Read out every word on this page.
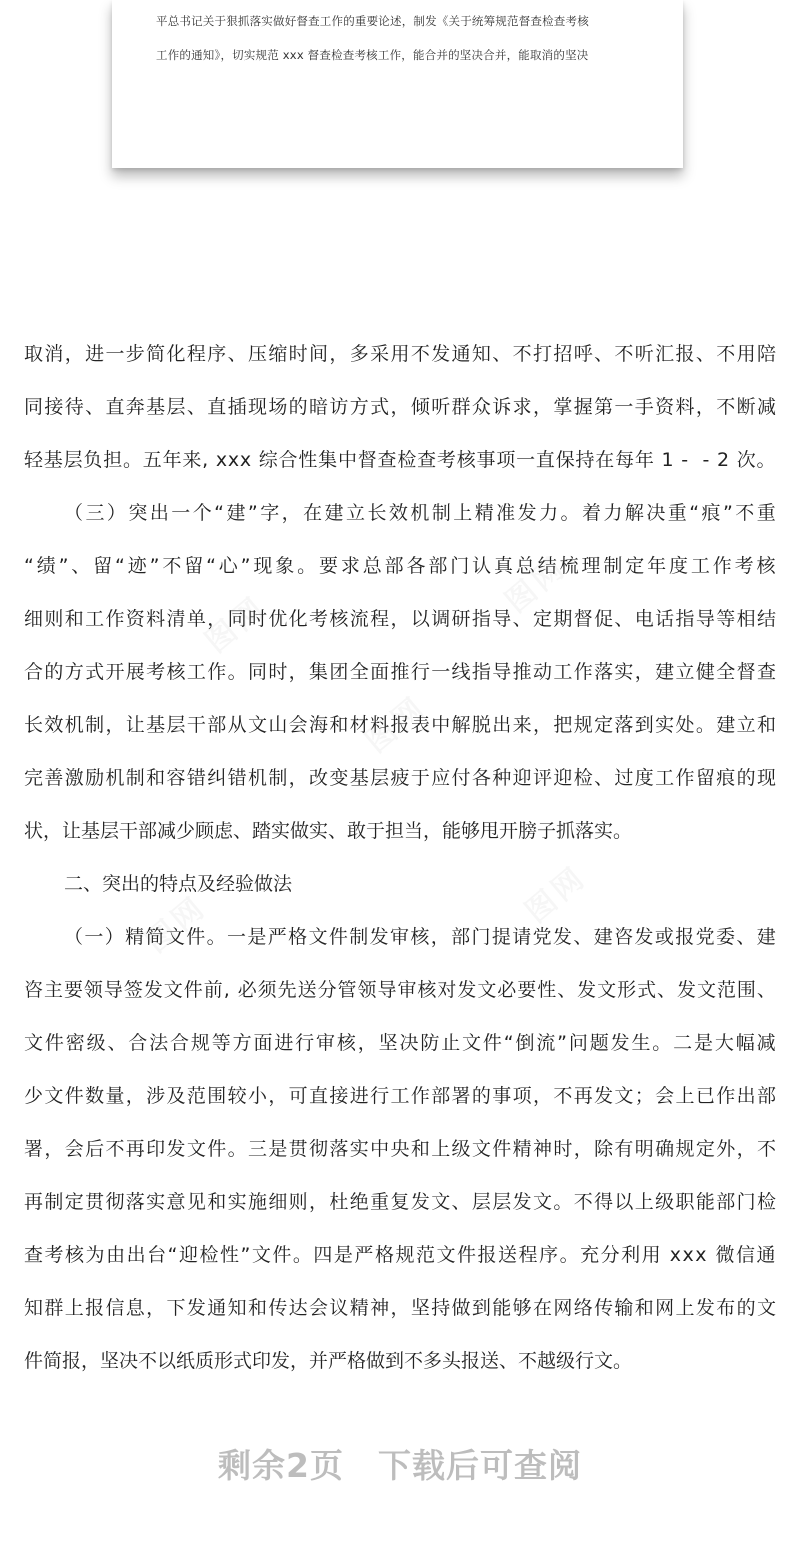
平总书记关于狠抓落实做好督查工作的重要论述，制发《关于统筹规范督查检查考核
工作的通知》，切实规范 xxx 督查检查考核工作，能合并的坚决合并，能取消的坚决
取 消 ， 进 一 步 简 化 程 序 、 压 缩 时 间 ， 多 采 用 不 发 通 知 、 不 打 招 呼 、 不 听 汇 报 、 不 用 陪
同 接 待 、 直 奔 基 层 、 直 插 现 场 的 暗 访 方 式 ， 倾 听 群 众 诉 求 ， 掌 握 第 一 手 资 料 ， 不 断 减
轻 基 层 负 担 。 五 年 来 ,
x x x
综 合 性 集 中 督 查 检 查 考 核 事 项 一 直 保 持 在 每 年
1
-

-
2
次 。
（ 三 ） 突 出 一 个 “ 建 ” 字 ， 在 建 立 长 效 机 制 上 精 准 发 力 。 着 力 解 决 重 “ 痕 ” 不 重
“ 绩 ” 、 留 “ 迹 ” 不 留 “ 心 ” 现 象 。 要 求 总 部 各 部 门 认 真 总 结 梳 理 制 定 年 度 工 作 考 核
细 则 和 工 作 资 料 清 单 ， 同 时 优 化 考 核 流 程 ， 以 调 研 指 导 、 定 期 督 促 、 电 话 指 导 等 相 结
合 的 方 式 开 展 考 核 工 作 。 同 时 ， 集 团 全 面 推 行 一 线 指 导 推 动 工 作 落 实 ， 建 立 健 全 督 查
长 效 机 制 ， 让 基 层 干 部 从 文 山 会 海 和 材 料 报 表 中 解 脱 出 来 ， 把 规 定 落 到 实 处 。 建 立 和
完 善 激 励 机 制 和 容 错 纠 错 机 制 ， 改 变 基 层 疲 于 应 付 各 种 迎 评 迎 检 、 过 度 工 作 留 痕 的 现
状，让基层干部减少顾虑、踏实做实、敢于担当，能够甩开膀子抓落实。
二、突出的特点及经验做法
（ 一 ） 精 简 文 件 。 一 是 严 格 文 件 制 发 审 核 ， 部 门 提 请 党 发 、 建 咨 发 或 报 党 委 、 建
咨 主 要 领 导 签 发 文 件 前 ,
必 须 先 送 分 管 领 导 审 核 对 发 文 必 要 性 、 发 文 形 式 、 发 文 范 围 、
文 件 密 级 、 合 法 合 规 等 方 面 进 行 审 核 ， 坚 决 防 止 文 件 “ 倒 流 ” 问 题 发 生 。 二 是 大 幅 减
少 文 件 数 量 ， 涉 及 范 围 较 小 ， 可 直 接 进 行 工 作 部 署 的 事 项 ， 不 再 发 文 ； 会 上 已 作 出 部
署 ， 会 后 不 再 印 发 文 件 。 三 是 贯 彻 落 实 中 央 和 上 级 文 件 精 神 时 ， 除 有 明 确 规 定 外 ， 不
再 制 定 贯 彻 落 实 意 见 和 实 施 细 则 ， 杜 绝 重 复 发 文 、 层 层 发 文 。 不 得 以 上 级 职 能 部 门 检
查 考 核 为 由 出 台 “ 迎 检 性 ” 文 件 。 四 是 严 格 规 范 文 件 报 送 程 序 。 充 分 利 用
x x x
微 信 通
知 群 上 报 信 息 ， 下 发 通 知 和 传 达 会 议 精 神 ， 坚 持 做 到 能 够 在 网 络 传 输 和 网 上 发 布 的 文
件简报，坚决不以纸质形式印发，并严格做到不多头报送、不越级行文。
剩余2页 下载后可查阅
